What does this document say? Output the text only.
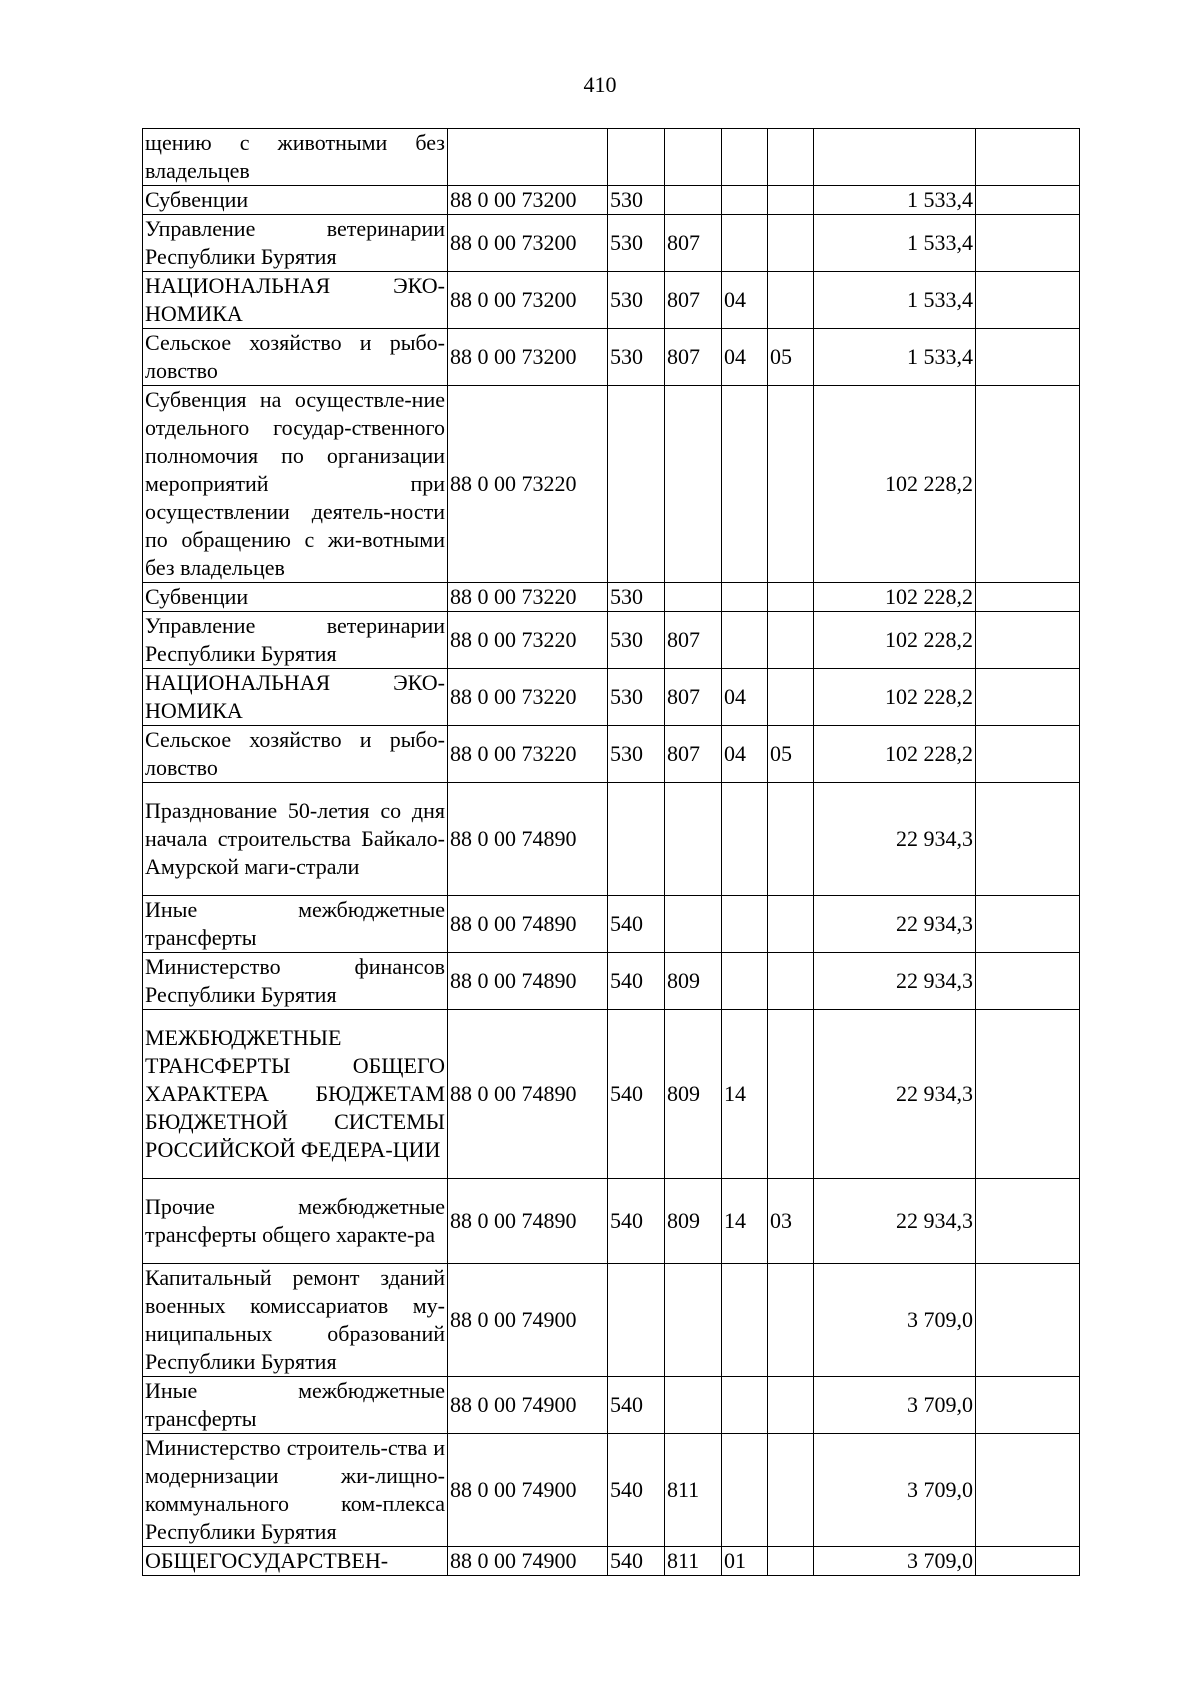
410
щению с животными без владельцев							
Субвенции	88 0 00 73200	530				1 533,4	
Управление ветеринарии Республики Бурятия	88 0 00 73200	530	807			1 533,4	
НАЦИОНАЛЬНАЯ ЭКО-НОМИКА	88 0 00 73200	530	807	04		1 533,4	
Сельское хозяйство и рыбо-ловство	88 0 00 73200	530	807	04	05	1 533,4	
Субвенция на осуществле-ние отдельного государ-ственного полномочия по организации мероприятий при осуществлении деятель-ности по обращению с жи-вотными без владельцев	88 0 00 73220					102 228,2	
Субвенции	88 0 00 73220	530				102 228,2	
Управление ветеринарии Республики Бурятия	88 0 00 73220	530	807			102 228,2	
НАЦИОНАЛЬНАЯ ЭКО-НОМИКА	88 0 00 73220	530	807	04		102 228,2	
Сельское хозяйство и рыбо-ловство	88 0 00 73220	530	807	04	05	102 228,2	
Празднование 50-летия со дня начала строительства Байкало-Амурской маги-страли	88 0 00 74890					22 934,3	
Иные межбюджетные трансферты	88 0 00 74890	540				22 934,3	
Министерство финансов Республики Бурятия	88 0 00 74890	540	809			22 934,3	
МЕЖБЮДЖЕТНЫЕ ТРАНСФЕРТЫ ОБЩЕГО ХАРАКТЕРА БЮДЖЕТАМ БЮДЖЕТНОЙ СИСТЕМЫ РОССИЙСКОЙ ФЕДЕРА-ЦИИ	88 0 00 74890	540	809	14		22 934,3	
Прочие межбюджетные трансферты общего характе-ра	88 0 00 74890	540	809	14	03	22 934,3	
Капитальный ремонт зданий военных комиссариатов му-ниципальных образований Республики Бурятия	88 0 00 74900					3 709,0	
Иные межбюджетные трансферты	88 0 00 74900	540				3 709,0	
Министерство строитель-ства и модернизации жи-лищно-коммунального ком-плекса Республики Бурятия	88 0 00 74900	540	811			3 709,0	
ОБЩЕГОСУДАРСТВЕН-	88 0 00 74900	540	811	01		3 709,0	
